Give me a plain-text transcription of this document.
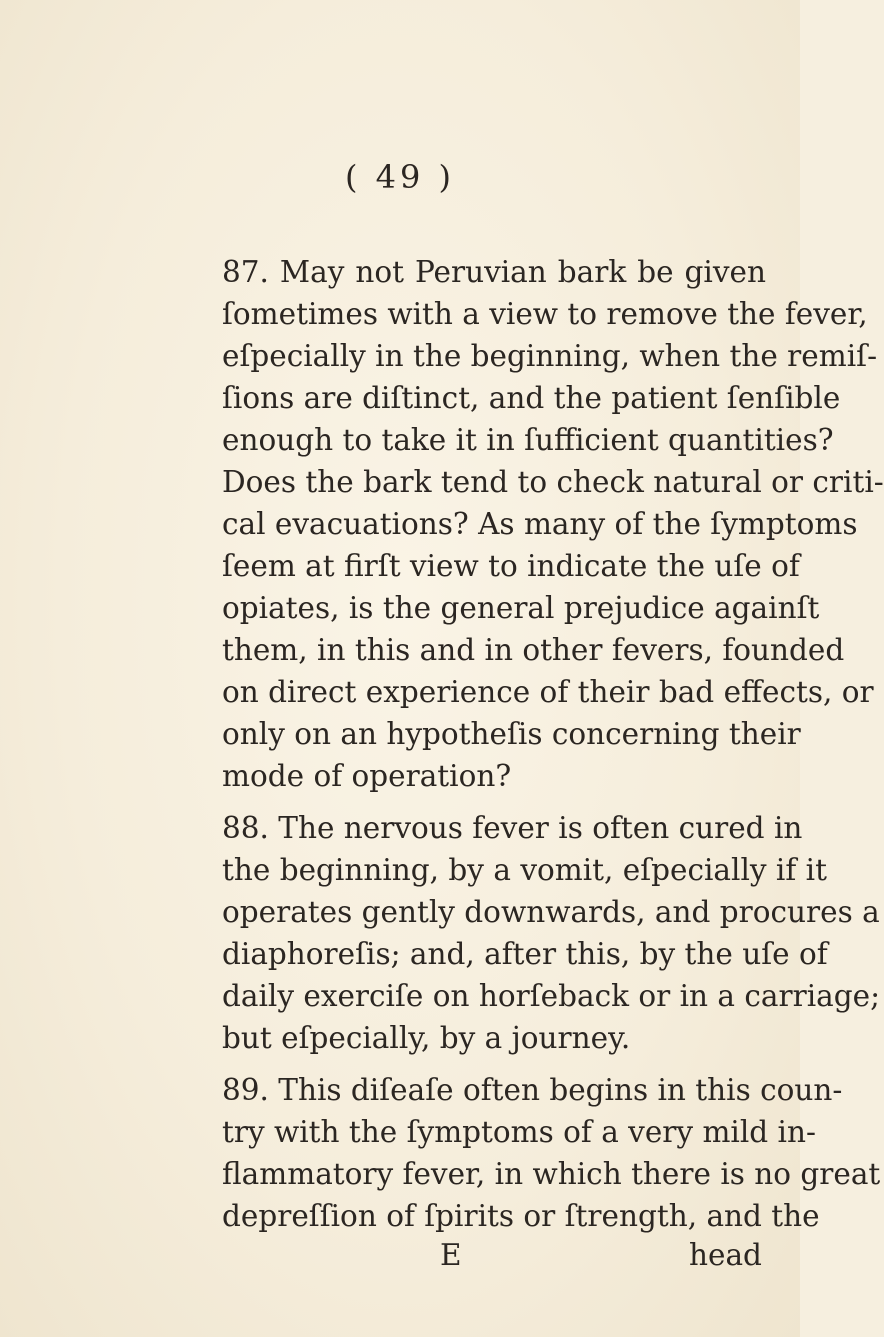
( 49 )
87. May not Peruvian bark be given
ſometimes with a view to remove the fever,
eſpecially in the beginning, when the remiſ-
ſions are diſtinct, and the patient ſenſible
enough to take it in ſufficient quantities?
Does the bark tend to check natural or criti-
cal evacuations? As many of the ſymptoms
ſeem at firſt view to indicate the uſe of
opiates, is the general prejudice againſt
them, in this and in other fevers, founded
on direct experience of their bad effects, or
only on an hypotheſis concerning their
mode of operation?
88. The nervous fever is often cured in
the beginning, by a vomit, eſpecially if it
operates gently downwards, and procures a
diaphoreſis; and, after this, by the uſe of
daily exerciſe on horſeback or in a carriage;
but eſpecially, by a journey.
89. This diſeaſe often begins in this coun-
try with the ſymptoms of a very mild in-
flammatory fever, in which there is no great
depreſſion of ſpirits or ſtrength, and the
E	head
